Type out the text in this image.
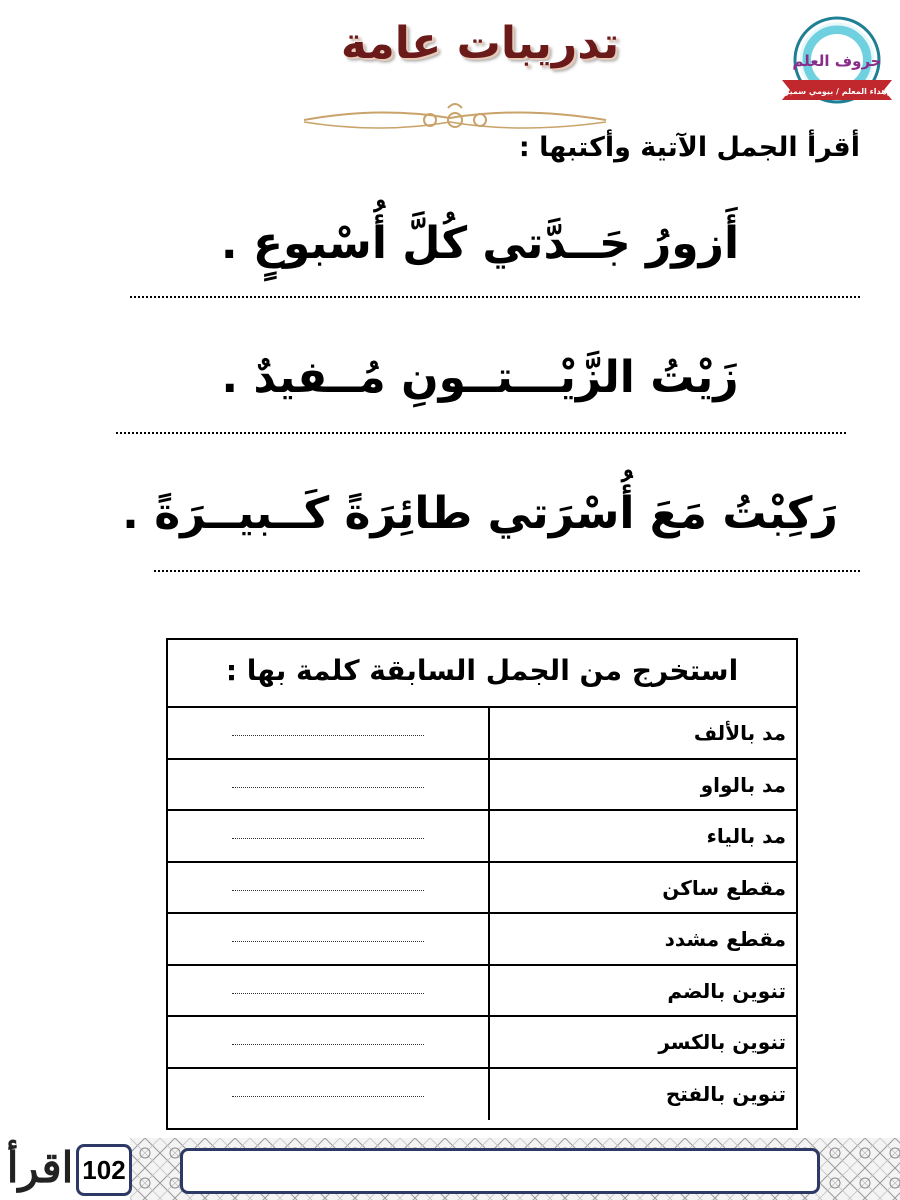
حروف العلم
إهداء المعلم / بيومي سمير
تدريبات عامة
أقرأ الجمل الآتية وأكتبها :
أَزورُ جَــدَّتي كُلَّ أُسْبوعٍ .
زَيْتُ الزَّيْـــتــونِ مُــفيدٌ .
رَكِبْتُ مَعَ أُسْرَتي طائِرَةً كَــبيــرَةً .
استخرج من الجمل السابقة كلمة بها :
مد بالألف
مد بالواو
مد بالياء
مقطع ساكن
مقطع مشدد
تنوين بالضم
تنوين بالكسر
تنوين بالفتح
102
اقرأ
